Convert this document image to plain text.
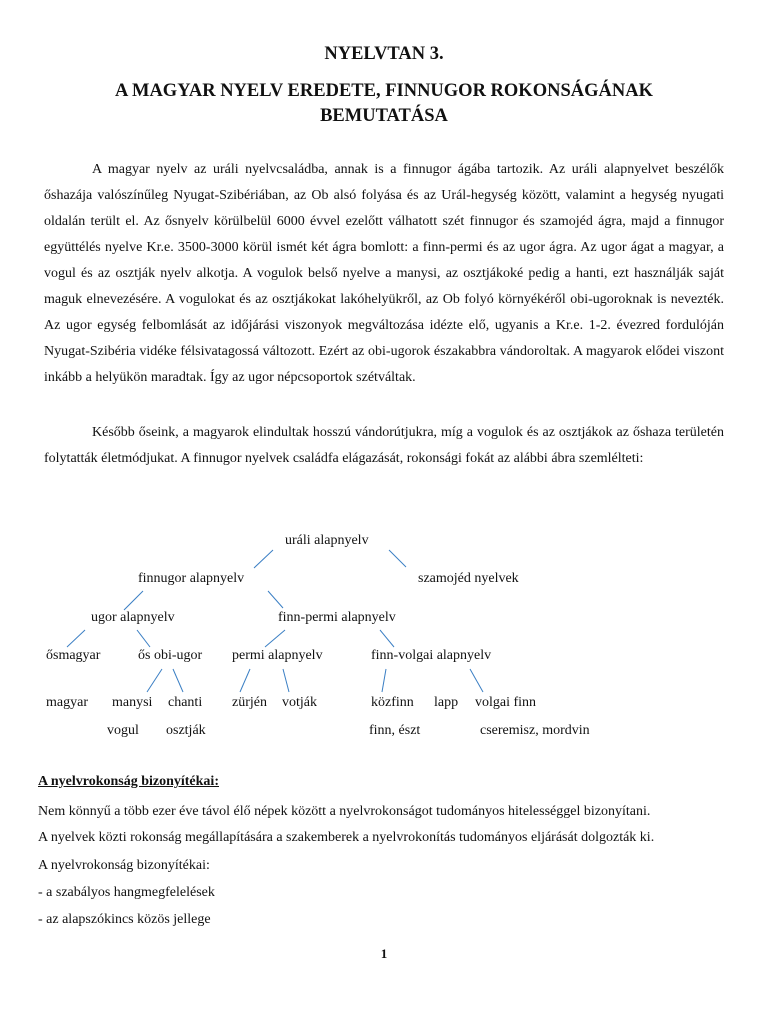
NYELVTAN 3.
A MAGYAR NYELV EREDETE, FINNUGOR ROKONSÁGÁNAK
BEMUTATÁSA
A magyar nyelv az uráli nyelvcsaládba, annak is a finnugor ágába tartozik. Az uráli alapnyelvet beszélők őshazája valószínűleg Nyugat-Szibériában, az Ob alsó folyása és az Urál-hegység között, valamint a hegység nyugati oldalán terült el. Az ősnyelv körülbelül 6000 évvel ezelőtt válhatott szét finnugor és szamojéd ágra, majd a finnugor együttélés nyelve Kr.e. 3500-3000 körül ismét két ágra bomlott: a finn-permi és az ugor ágra. Az ugor ágat a magyar, a vogul és az osztják nyelv alkotja. A vogulok belső nyelve a manysi, az osztjákoké pedig a hanti, ezt használják saját maguk elnevezésére. A vogulokat és az osztjákokat lakóhelyükről, az Ob folyó környékéről obi-ugoroknak is nevezték. Az ugor egység felbomlását az időjárási viszonyok megváltozása idézte elő, ugyanis a Kr.e. 1-2. évezred fordulóján Nyugat-Szibéria vidéke félsivatagossá változott. Ezért az obi-ugorok északabbra vándoroltak. A magyarok elődei viszont inkább a helyükön maradtak. Így az ugor népcsoportok szétváltak.
Később őseink, a magyarok elindultak hosszú vándorútjukra, míg a vogulok és az osztjákok az őshaza területén folytatták életmódjukat. A finnugor nyelvek családfa elágazását, rokonsági fokát az alábbi ábra szemlélteti:
uráli alapnyelv
finnugor alapnyelv	szamojéd nyelvek
ugor alapnyelv	finn-permi alapnyelv
ősmagyar	ős obi-ugor permi alapnyelv	finn-volgai alapnyelv
magyar manysi chanti zürjén votják	közfinn lapp volgai finn
vogul osztják	finn, észt	cseremisz, mordvin
A nyelvrokonság bizonyítékai:
Nem könnyű a több ezer éve távol élő népek között a nyelvrokonságot tudományos hitelességgel bizonyítani.
A nyelvek közti rokonság megállapítására a szakemberek a nyelvrokonítás tudományos eljárását dolgozták ki.
A nyelvrokonság bizonyítékai:
- a szabályos hangmegfelelések
- az alapszókincs közös jellege
1
